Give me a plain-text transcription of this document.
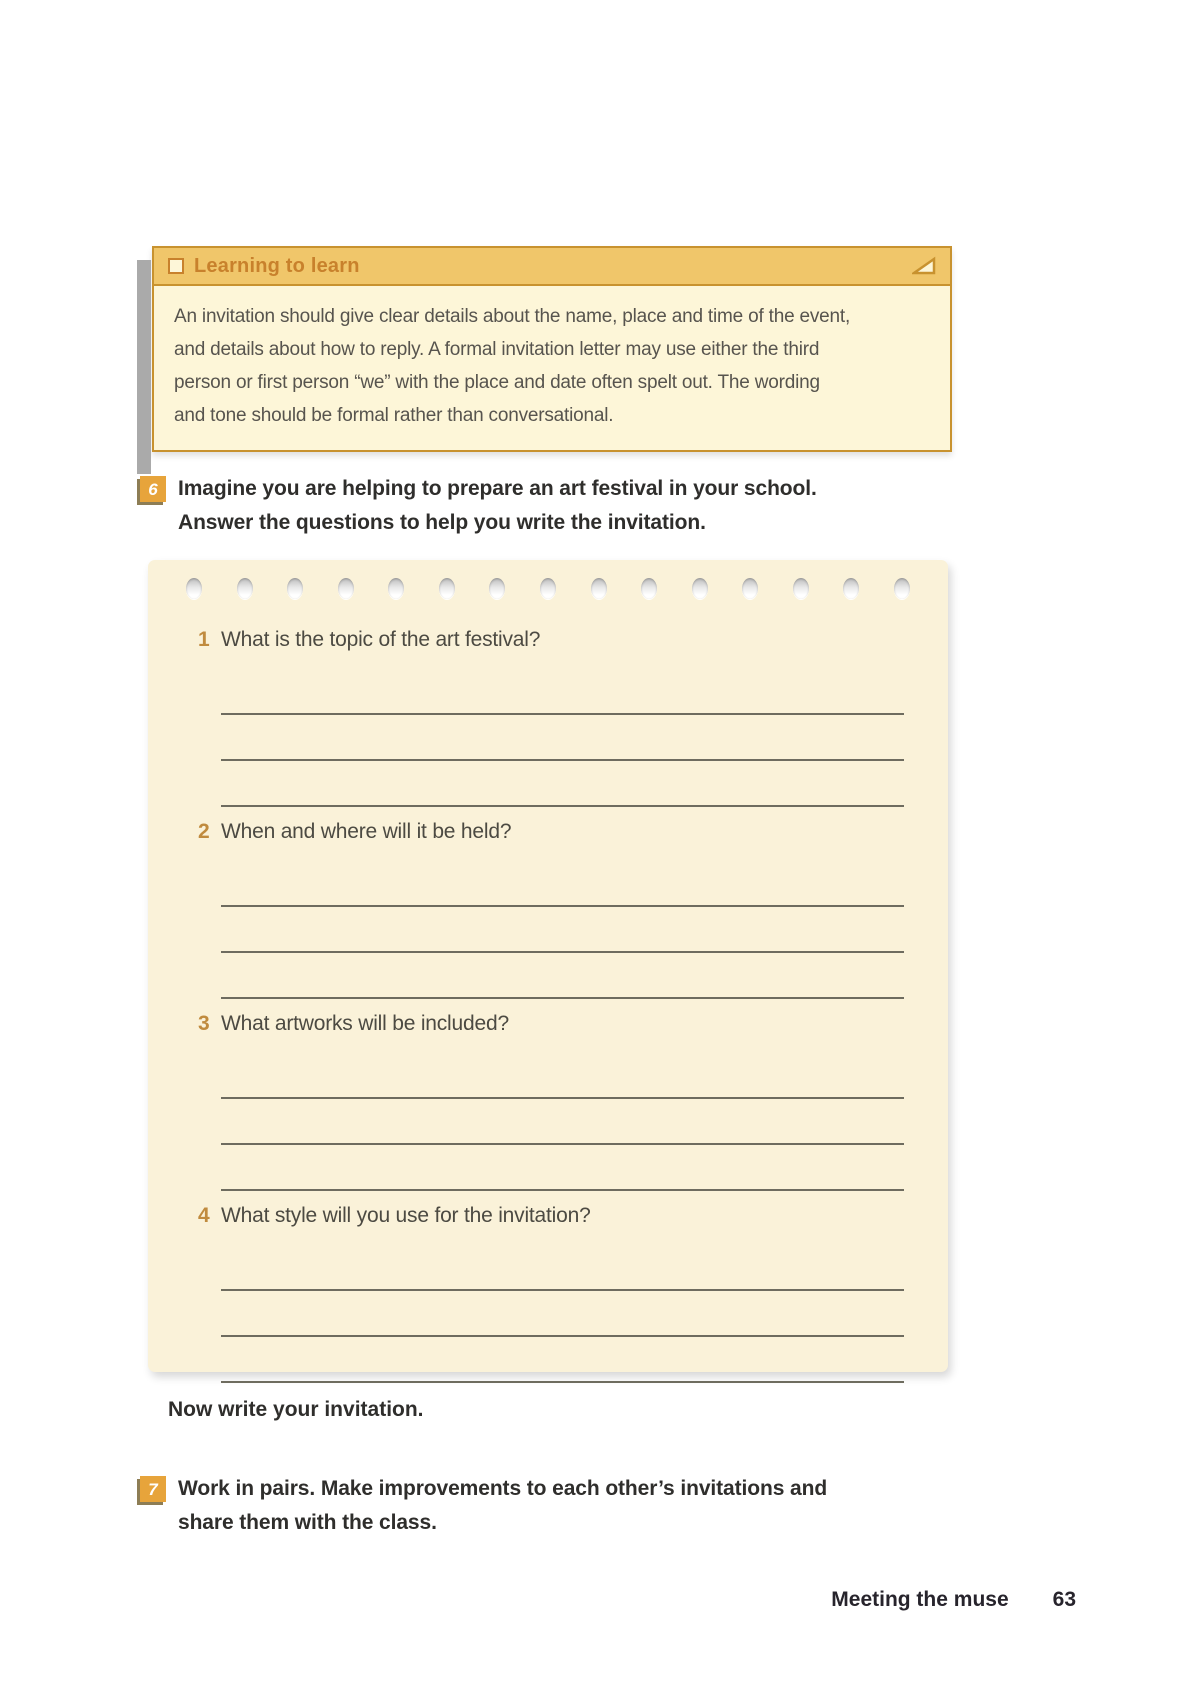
Learning to learn
An invitation should give clear details about the name, place and time of the event,
and details about how to reply. A formal invitation letter may use either the third
person or first person “we” with the place and date often spelt out. The wording
and tone should be formal rather than conversational.
6 Imagine you are helping to prepare an art festival in your school. Answer the questions to help you write the invitation.
1 What is the topic of the art festival?
2 When and where will it be held?
3 What artworks will be included?
4 What style will you use for the invitation?
Now write your invitation.
7 Work in pairs. Make improvements to each other’s invitations and share them with the class.
Meeting the muse 63
